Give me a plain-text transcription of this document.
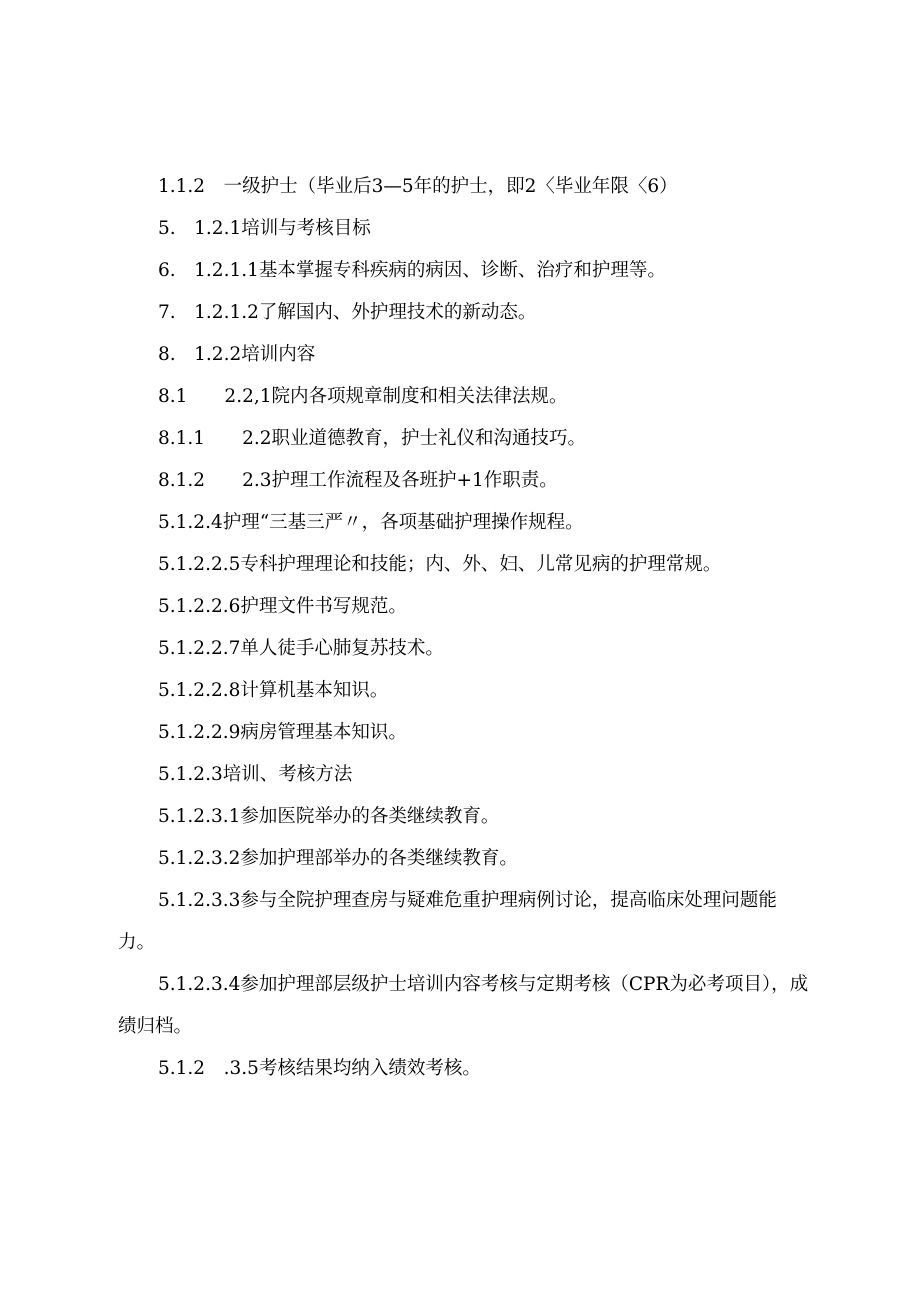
1.1.2　一级护士（毕业后3—5年的护士，即2〈毕业年限〈6）

5.　1.2.1培训与考核目标

6.　1.2.1.1基本掌握专科疾病的病因、诊断、治疗和护理等。

7.　1.2.1.2了解国内、外护理技术的新动态。

8.　1.2.2培训内容

8.1　　2.2,1院内各项规章制度和相关法律法规。

8.1.1　　2.2职业道德教育，护士礼仪和沟通技巧。

8.1.2　　2.3护理工作流程及各班护+1作职责。

5.1.2.4护理“三基三严〃，各项基础护理操作规程。

5.1.2.2.5专科护理理论和技能；内、外、妇、儿常见病的护理常规。

5.1.2.2.6护理文件书写规范。

5.1.2.2.7单人徒手心肺复苏技术。

5.1.2.2.8计算机基本知识。

5.1.2.2.9病房管理基本知识。

5.1.2.3培训、考核方法

5.1.2.3.1参加医院举办的各类继续教育。

5.1.2.3.2参加护理部举办的各类继续教育。

5.1.2.3.3参与全院护理查房与疑难危重护理病例讨论，提高临床处理问题能力。

5.1.2.3.4参加护理部层级护士培训内容考核与定期考核（CPR为必考项目），成绩归档。

5.1.2　.3.5考核结果均纳入绩效考核。
